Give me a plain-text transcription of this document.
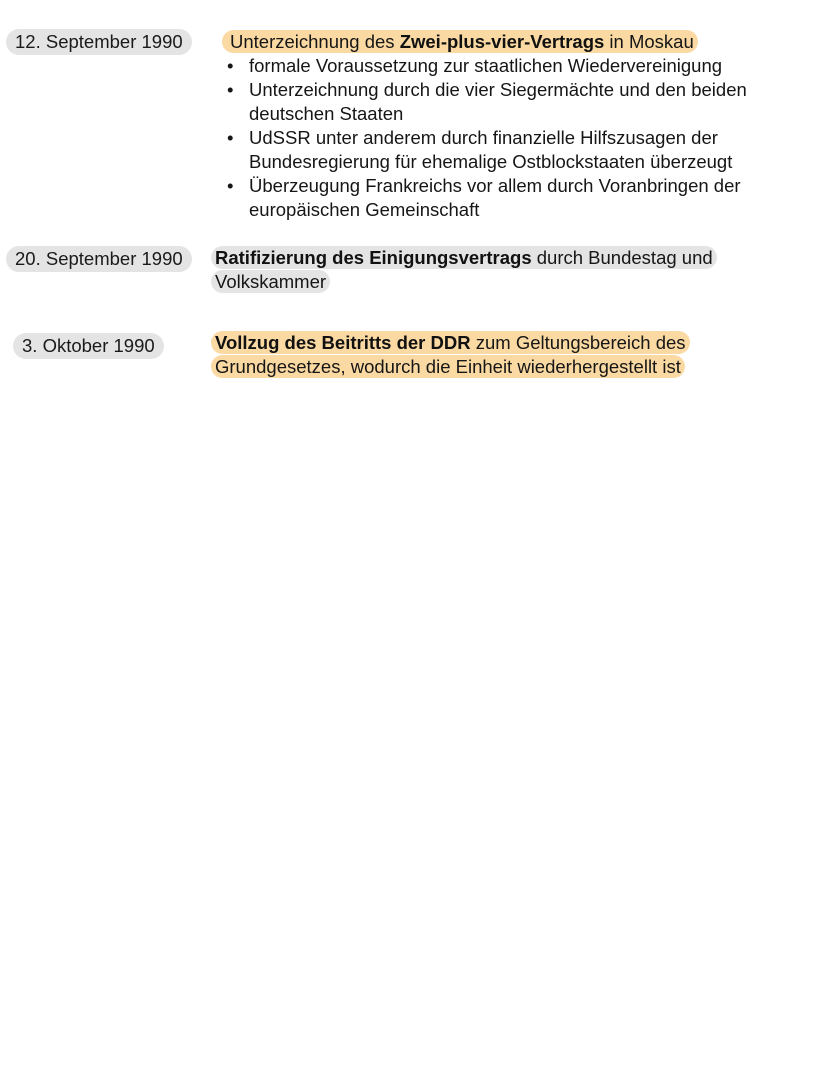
12. September 1990	Unterzeichnung des Zwei-plus-vier-Vertrags in Moskau
• formale Voraussetzung zur staatlichen Wiedervereinigung
• Unterzeichnung durch die vier Siegermächte und den beiden deutschen Staaten
• UdSSR unter anderem durch finanzielle Hilfszusagen der Bundesregierung für ehemalige Ostblockstaaten überzeugt
• Überzeugung Frankreichs vor allem durch Voranbringen der europäischen Gemeinschaft
20. September 1990	Ratifizierung des Einigungsvertrags durch Bundestag und
Volkskammer
3. Oktober 1990	Vollzug des Beitritts der DDR zum Geltungsbereich des Grundgesetzes, wodurch die Einheit wiederhergestellt ist
